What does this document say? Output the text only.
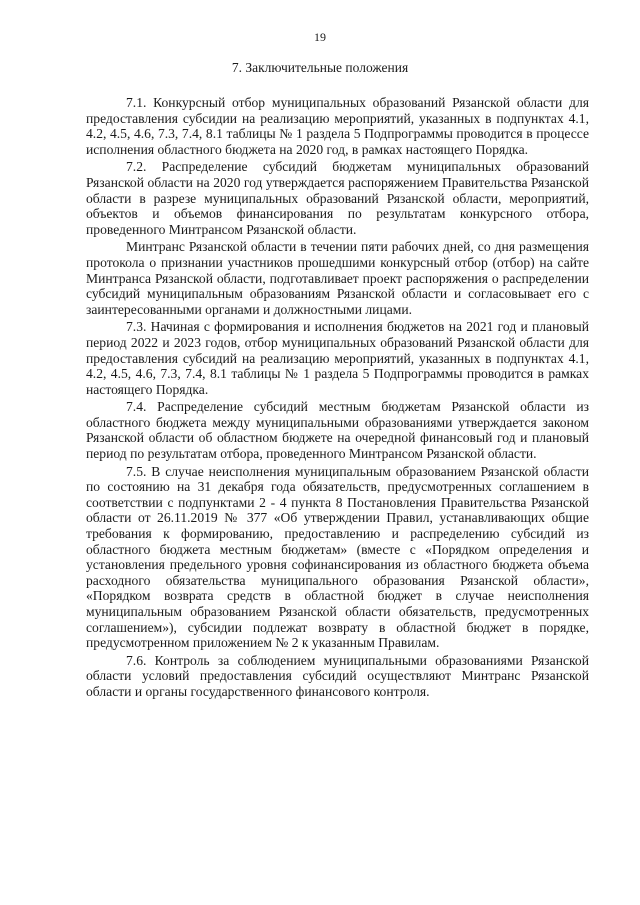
19
7. Заключительные положения

7.1. Конкурсный отбор муниципальных образований Рязанской области для предоставления субсидии на реализацию мероприятий, указанных в подпунктах 4.1, 4.2, 4.5, 4.6, 7.3, 7.4, 8.1 таблицы № 1 раздела 5 Подпрограммы проводится в процессе исполнения областного бюджета на 2020 год, в рамках настоящего Порядка.

7.2. Распределение субсидий бюджетам муниципальных образований Рязанской области на 2020 год утверждается распоряжением Правительства Рязанской области в разрезе муниципальных образований Рязанской области, мероприятий, объектов и объемов финансирования по результатам конкурсного отбора, проведенного Минтрансом Рязанской области.

Минтранс Рязанской области в течении пяти рабочих дней, со дня размещения протокола о признании участников прошедшими конкурсный отбор (отбор) на сайте Минтранса Рязанской области, подготавливает проект распоряжения о распределении субсидий муниципальным образованиям Рязанской области и согласовывает его с заинтересованными органами и должностными лицами.

7.3. Начиная с формирования и исполнения бюджетов на 2021 год и плановый период 2022 и 2023 годов, отбор муниципальных образований Рязанской области для предоставления субсидий на реализацию мероприятий, указанных в подпунктах 4.1, 4.2, 4.5, 4.6, 7.3, 7.4, 8.1 таблицы № 1 раздела 5 Подпрограммы проводится в рамках настоящего Порядка.

7.4. Распределение субсидий местным бюджетам Рязанской области из областного бюджета между муниципальными образованиями утверждается законом Рязанской области об областном бюджете на очередной финансовый год и плановый период по результатам отбора, проведенного Минтрансом Рязанской области.

7.5. В случае неисполнения муниципальным образованием Рязанской области по состоянию на 31 декабря года обязательств, предусмотренных соглашением в соответствии с подпунктами 2 - 4 пункта 8 Постановления Правительства Рязанской области от 26.11.2019 № 377 «Об утверждении Правил, устанавливающих общие требования к формированию, предоставлению и распределению субсидий из областного бюджета местным бюджетам» (вместе с «Порядком определения и установления предельного уровня софинансирования из областного бюджета объема расходного обязательства муниципального образования Рязанской области», «Порядком возврата средств в областной бюджет в случае неисполнения муниципальным образованием Рязанской области обязательств, предусмотренных соглашением»), субсидии подлежат возврату в областной бюджет в порядке, предусмотренном приложением № 2 к указанным Правилам.

7.6. Контроль за соблюдением муниципальными образованиями Рязанской области условий предоставления субсидий осуществляют Минтранс Рязанской области и органы государственного финансового контроля.
